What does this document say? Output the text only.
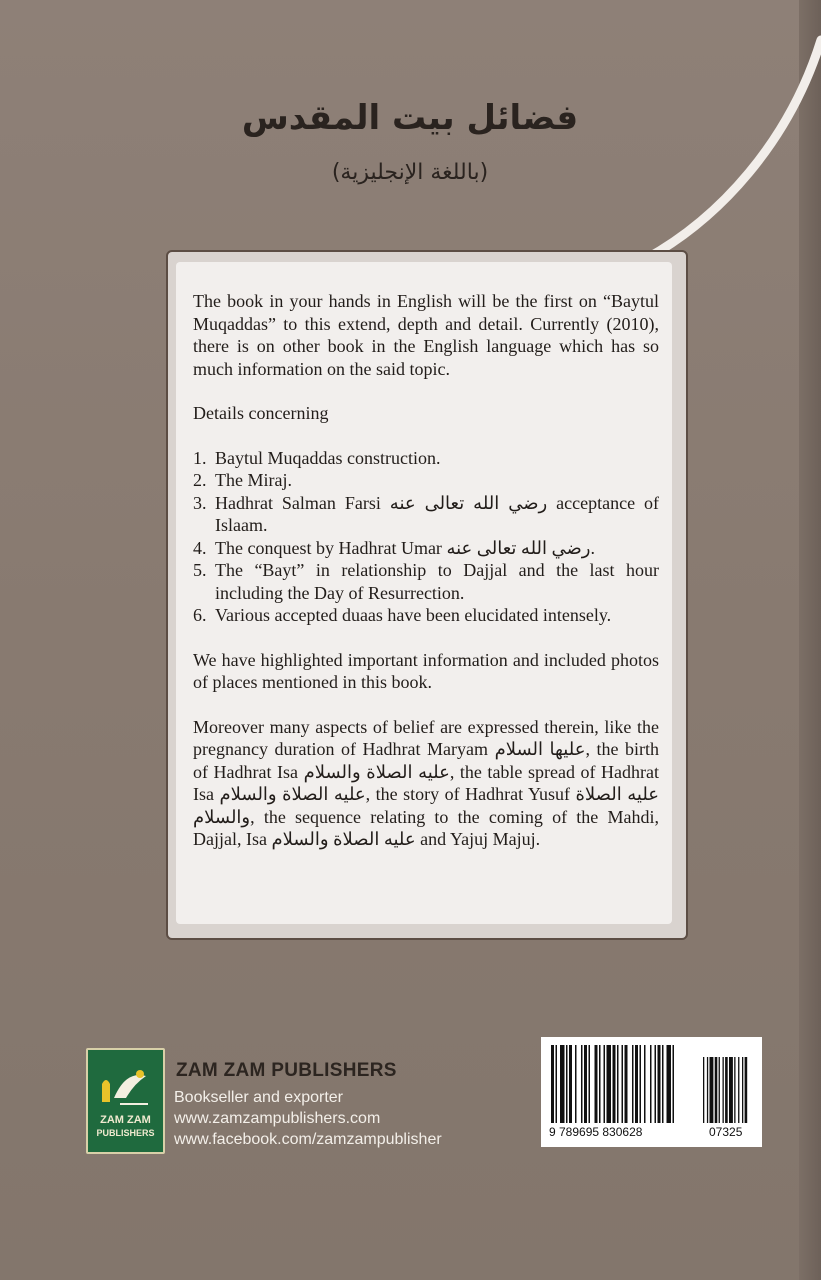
فضائل بيت المقدس
(باللغة الإنجليزية)

The book in your hands in English will be the first on “Baytul Muqaddas” to this extend, depth and detail. Currently (2010), there is on other book in the English language which has so much information on the said topic.

Details concerning

1. Baytul Muqaddas construction.
2. The Miraj.
3. Hadhrat Salman Farsi رضي الله تعالى عنه acceptance of Islaam.
4. The conquest by Hadhrat Umar رضي الله تعالى عنه.
5. The “Bayt” in relationship to Dajjal and the last hour including the Day of Resurrection.
6. Various accepted duaas have been elucidated intensely.

We have highlighted important information and included photos of places mentioned in this book.

Moreover many aspects of belief are expressed therein, like the pregnancy duration of Hadhrat Maryam عليها السلام, the birth of Hadhrat Isa عليه الصلاة والسلام, the table spread of Hadhrat Isa عليه الصلاة والسلام, the story of Hadhrat Yusuf عليه الصلاة والسلام, the sequence relating to the coming of the Mahdi, Dajjal, Isa عليه الصلاة والسلام and Yajuj Majuj.

ZAM ZAM
PUBLISHERS
ZAM ZAM PUBLISHERS
Bookseller and exporter
www.zamzampublishers.com
www.facebook.com/zamzampublisher	9 789695 830628	07325
